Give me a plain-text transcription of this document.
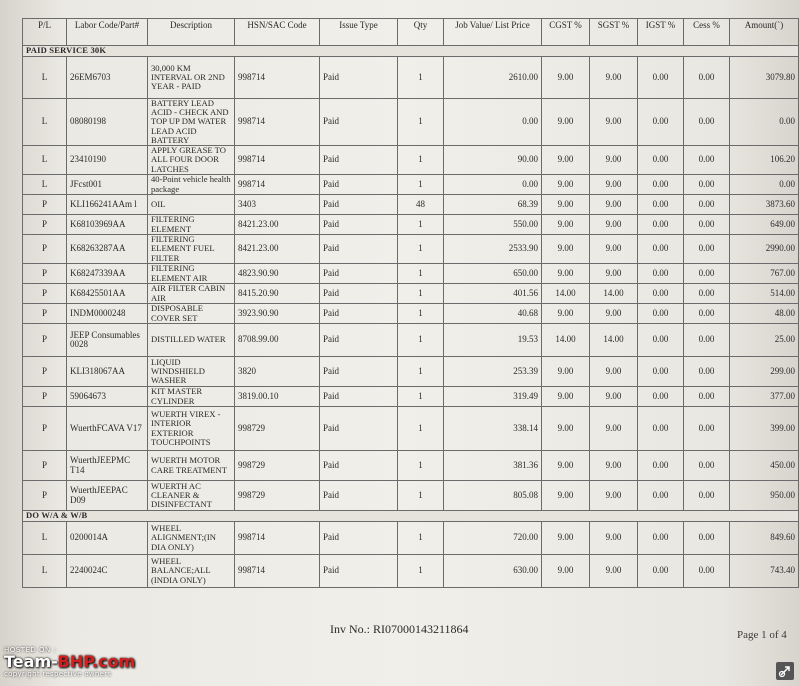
P/L	Labor Code/Part#	Description	HSN/SAC Code	Issue Type	Qty	Job Value/ List Price	CGST %	SGST %	IGST %	Cess %	Amount(`)
PAID SERVICE 30K											
L	26EM6703	30,000 KM INTERVAL OR 2ND YEAR - PAID	998714	Paid	1	2610.00	9.00	9.00	0.00	0.00	3079.80
L	08080198	BATTERY LEAD ACID - CHECK AND TOP UP DM WATER LEAD ACID BATTERY	998714	Paid	1	0.00	9.00	9.00	0.00	0.00	0.00
L	23410190	APPLY GREASE TO ALL FOUR DOOR LATCHES	998714	Paid	1	90.00	9.00	9.00	0.00	0.00	106.20
L	JFcst001	40-Point vehicle health package	998714	Paid	1	0.00	9.00	9.00	0.00	0.00	0.00
P	KLI166241AAm l	OIL	3403	Paid	48	68.39	9.00	9.00	0.00	0.00	3873.60
P	K68103969AA	FILTERING ELEMENT	8421.23.00	Paid	1	550.00	9.00	9.00	0.00	0.00	649.00
P	K68263287AA	FILTERING ELEMENT FUEL FILTER	8421.23.00	Paid	1	2533.90	9.00	9.00	0.00	0.00	2990.00
P	K68247339AA	FILTERING ELEMENT AIR	4823.90.90	Paid	1	650.00	9.00	9.00	0.00	0.00	767.00
P	K68425501AA	AIR FILTER CABIN AIR	8415.20.90	Paid	1	401.56	14.00	14.00	0.00	0.00	514.00
P	INDM0000248	DISPOSABLE COVER SET	3923.90.90	Paid	1	40.68	9.00	9.00	0.00	0.00	48.00
P	JEEP Consumables 0028	DISTILLED WATER	8708.99.00	Paid	1	19.53	14.00	14.00	0.00	0.00	25.00
P	KLI318067AA	LIQUID WINDSHIELD WASHER	3820	Paid	1	253.39	9.00	9.00	0.00	0.00	299.00
P	59064673	KIT MASTER CYLINDER	3819.00.10	Paid	1	319.49	9.00	9.00	0.00	0.00	377.00
P	WuerthFCAVA V17	WUERTH VIREX - INTERIOR EXTERIOR TOUCHPOINTS	998729	Paid	1	338.14	9.00	9.00	0.00	0.00	399.00
P	WuerthJEEPMC T14	WUERTH MOTOR CARE TREATMENT	998729	Paid	1	381.36	9.00	9.00	0.00	0.00	450.00
P	WuerthJEEPAC D09	WUERTH AC CLEANER & DISINFECTANT	998729	Paid	1	805.08	9.00	9.00	0.00	0.00	950.00
DO W/A & W/B											
L	0200014A	WHEEL ALIGNMENT;(IN DIA ONLY)	998714	Paid	1	720.00	9.00	9.00	0.00	0.00	849.60
L	2240024C	WHEEL BALANCE;ALL (INDIA ONLY)	998714	Paid	1	630.00	9.00	9.00	0.00	0.00	743.40
Inv No.: RI07000143211864	Page 1 of 4
HOSTED ON :
Team-BHP.com
copyright respective owners
